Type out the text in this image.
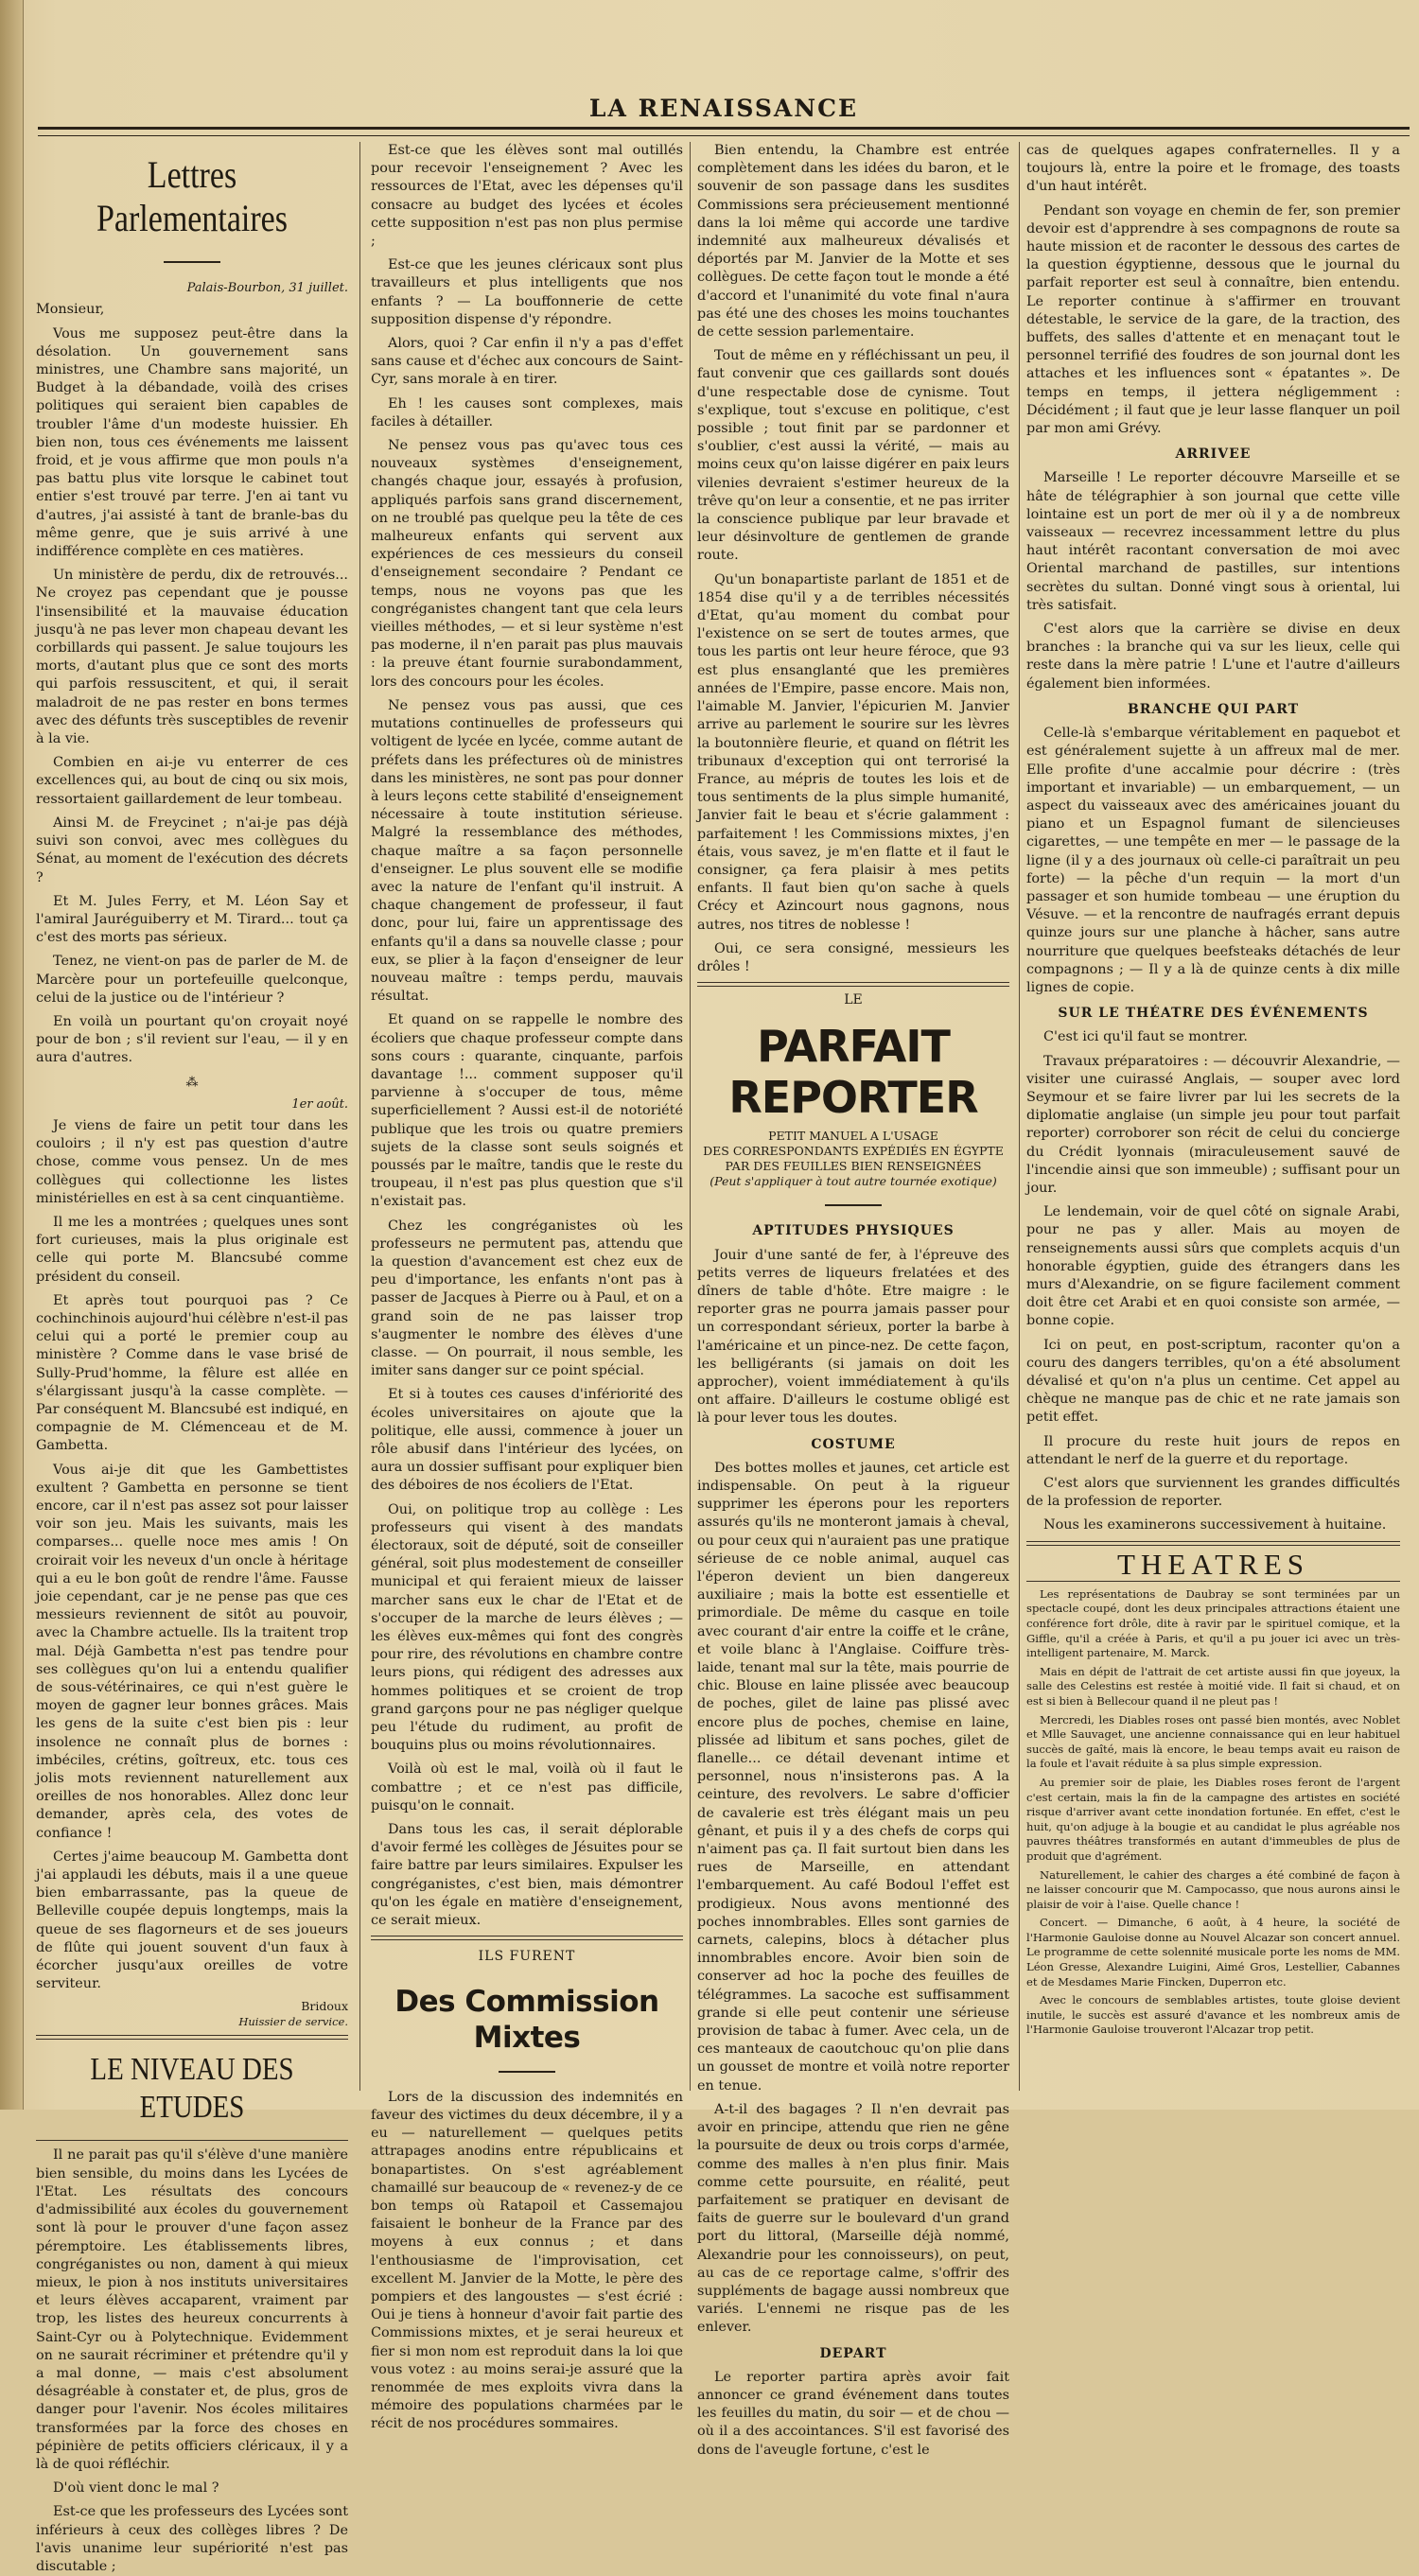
LA RENAISSANCE
Lettres Parlementaires
Palais-Bourbon, 31 juillet.

Monsieur,

Vous me supposez peut-être dans la désolation. Un gouvernement sans ministres, une Chambre sans majorité, un Budget à la débandade, voilà des crises politiques qui seraient bien capables de troubler l'âme d'un modeste huissier. Eh bien non, tous ces événements me laissent froid, et je vous affirme que mon pouls n'a pas battu plus vite lorsque le cabinet tout entier s'est trouvé par terre. J'en ai tant vu d'autres, j'ai assisté à tant de branle-bas du même genre, que je suis arrivé à une indifférence complète en ces matières.

Un ministère de perdu, dix de retrouvés... Ne croyez pas cependant que je pousse l'insensibilité et la mauvaise éducation jusqu'à ne pas lever mon chapeau devant les corbillards qui passent. Je salue toujours les morts, d'autant plus que ce sont des morts qui parfois ressuscitent, et qui, il serait maladroit de ne pas rester en bons termes avec des défunts très susceptibles de revenir à la vie.

Combien en ai-je vu enterrer de ces excellences qui, au bout de cinq ou six mois, ressortaient gaillardement de leur tombeau.

Ainsi M. de Freycinet ; n'ai-je pas déjà suivi son convoi, avec mes collègues du Sénat, au moment de l'exécution des décrets ?

Et M. Jules Ferry, et M. Léon Say et l'amiral Jauréguiberry et M. Tirard... tout ça c'est des morts pas sérieux.

Tenez, ne vient-on pas de parler de M. de Marcère pour un portefeuille quelconque, celui de la justice ou de l'intérieur ?

En voilà un pourtant qu'on croyait noyé pour de bon ; s'il revient sur l'eau, — il y en aura d'autres.

⁂
1er août.

Je viens de faire un petit tour dans les couloirs ; il n'y est pas question d'autre chose, comme vous pensez. Un de mes collègues qui collectionne les listes ministérielles en est à sa cent cinquantième.

Il me les a montrées ; quelques unes sont fort curieuses, mais la plus originale est celle qui porte M. Blancsubé comme président du conseil.

Et après tout pourquoi pas ? Ce cochinchinois aujourd'hui célèbre n'est-il pas celui qui a porté le premier coup au ministère ? Comme dans le vase brisé de Sully-Prud'homme, la fêlure est allée en s'élargissant jusqu'à la casse complète. — Par conséquent M. Blancsubé est indiqué, en compagnie de M. Clémenceau et de M. Gambetta.

Vous ai-je dit que les Gambettistes exultent ? Gambetta en personne se tient encore, car il n'est pas assez sot pour laisser voir son jeu. Mais les suivants, mais les comparses... quelle noce mes amis ! On croirait voir les neveux d'un oncle à héritage qui a eu le bon goût de rendre l'âme. Fausse joie cependant, car je ne pense pas que ces messieurs reviennent de sitôt au pouvoir, avec la Chambre actuelle. Ils la traitent trop mal. Déjà Gambetta n'est pas tendre pour ses collègues qu'on lui a entendu qualifier de sous-vétérinaires, ce qui n'est guère le moyen de gagner leur bonnes grâces. Mais les gens de la suite c'est bien pis : leur insolence ne connaît plus de bornes : imbéciles, crétins, goîtreux, etc. tous ces jolis mots reviennent naturellement aux oreilles de nos honorables. Allez donc leur demander, après cela, des votes de confiance !

Certes j'aime beaucoup M. Gambetta dont j'ai applaudi les débuts, mais il a une queue bien embarrassante, pas la queue de Belleville coupée depuis longtemps, mais la queue de ses flagorneurs et de ses joueurs de flûte qui jouent souvent d'un faux à écorcher jusqu'aux oreilles de votre serviteur.

Bridoux
Huissier de service.
LE NIVEAU DES ETUDES

Il ne parait pas qu'il s'élève d'une manière bien sensible, du moins dans les Lycées de l'Etat. Les résultats des concours d'admissibilité aux écoles du gouvernement sont là pour le prouver d'une façon assez péremptoire. Les établissements libres, congréganistes ou non, dament à qui mieux mieux, le pion à nos instituts universitaires et leurs élèves accaparent, vraiment par trop, les listes des heureux concurrents à Saint-Cyr ou à Polytechnique. Evidemment on ne saurait récriminer et prétendre qu'il y a mal donne, — mais c'est absolument désagréable à constater et, de plus, gros de danger pour l'avenir. Nos écoles militaires transformées par la force des choses en pépinière de petits officiers cléricaux, il y a là de quoi réfléchir.

D'où vient donc le mal ?

Est-ce que les professeurs des Lycées sont inférieurs à ceux des collèges libres ? De l'avis unanime leur supériorité n'est pas discutable ;

Est-ce que les élèves sont mal outillés pour recevoir l'enseignement ? Avec les ressources de l'Etat, avec les dépenses qu'il consacre au budget des lycées et écoles cette supposition n'est pas non plus permise ;

Est-ce que les jeunes cléricaux sont plus travailleurs et plus intelligents que nos enfants ? — La bouffonnerie de cette supposition dispense d'y répondre.

Alors, quoi ? Car enfin il n'y a pas d'effet sans cause et d'échec aux concours de Saint-Cyr, sans morale à en tirer.

Eh ! les causes sont complexes, mais faciles à détailler.

Ne pensez vous pas qu'avec tous ces nouveaux systèmes d'enseignement, changés chaque jour, essayés à profusion, appliqués parfois sans grand discernement, on ne troublé pas quelque peu la tête de ces malheureux enfants qui servent aux expériences de ces messieurs du conseil d'enseignement secondaire ? Pendant ce temps, nous ne voyons pas que les congréganistes changent tant que cela leurs vieilles méthodes, — et si leur système n'est pas moderne, il n'en parait pas plus mauvais : la preuve étant fournie surabondamment, lors des concours pour les écoles.

Ne pensez vous pas aussi, que ces mutations continuelles de professeurs qui voltigent de lycée en lycée, comme autant de préfets dans les préfectures où de ministres dans les ministères, ne sont pas pour donner à leurs leçons cette stabilité d'enseignement nécessaire à toute institution sérieuse. Malgré la ressemblance des méthodes, chaque maître a sa façon personnelle d'enseigner. Le plus souvent elle se modifie avec la nature de l'enfant qu'il instruit. A chaque changement de professeur, il faut donc, pour lui, faire un apprentissage des enfants qu'il a dans sa nouvelle classe ; pour eux, se plier à la façon d'enseigner de leur nouveau maître : temps perdu, mauvais résultat.

Et quand on se rappelle le nombre des écoliers que chaque professeur compte dans sons cours : quarante, cinquante, parfois davantage !... comment supposer qu'il parvienne à s'occuper de tous, même superficiellement ? Aussi est-il de notoriété publique que les trois ou quatre premiers sujets de la classe sont seuls soignés et poussés par le maître, tandis que le reste du troupeau, il n'est pas plus question que s'il n'existait pas.

Chez les congréganistes où les professeurs ne permutent pas, attendu que la question d'avancement est chez eux de peu d'importance, les enfants n'ont pas à passer de Jacques à Pierre ou à Paul, et on a grand soin de ne pas laisser trop s'augmenter le nombre des élèves d'une classe. — On pourrait, il nous semble, les imiter sans danger sur ce point spécial.

Et si à toutes ces causes d'infériorité des écoles universitaires on ajoute que la politique, elle aussi, commence à jouer un rôle abusif dans l'intérieur des lycées, on aura un dossier suffisant pour expliquer bien des déboires de nos écoliers de l'Etat.

Oui, on politique trop au collège : Les professeurs qui visent à des mandats électoraux, soit de député, soit de conseiller général, soit plus modestement de conseiller municipal et qui feraient mieux de laisser marcher sans eux le char de l'Etat et de s'occuper de la marche de leurs élèves ; — les élèves eux-mêmes qui font des congrès pour rire, des révolutions en chambre contre leurs pions, qui rédigent des adresses aux hommes politiques et se croient de trop grand garçons pour ne pas négliger quelque peu l'étude du rudiment, au profit de bouquins plus ou moins révolutionnaires.

Voilà où est le mal, voilà où il faut le combattre ; et ce n'est pas difficile, puisqu'on le connait.

Dans tous les cas, il serait déplorable d'avoir fermé les collèges de Jésuites pour se faire battre par leurs similaires. Expulser les congréganistes, c'est bien, mais démontrer qu'on les égale en matière d'enseignement, ce serait mieux.

ILS FURENT
Des Commission Mixtes

Lors de la discussion des indemnités en faveur des victimes du deux décembre, il y a eu — naturellement — quelques petits attrapages anodins entre républicains et bonapartistes. On s'est agréablement chamaillé sur beaucoup de « revenez-y de ce bon temps où Ratapoil et Cassemajou faisaient le bonheur de la France par des moyens à eux connus ; et dans l'enthousiasme de l'improvisation, cet excellent M. Janvier de la Motte, le père des pompiers et des langoustes — s'est écrié : Oui je tiens à honneur d'avoir fait partie des Commissions mixtes, et je serai heureux et fier si mon nom est reproduit dans la loi que vous votez : au moins serai-je assuré que la renommée de mes exploits vivra dans la mémoire des populations charmées par le récit de nos procédures sommaires.

Bien entendu, la Chambre est entrée complètement dans les idées du baron, et le souvenir de son passage dans les susdites Commissions sera précieusement mentionné dans la loi même qui accorde une tardive indemnité aux malheureux dévalisés et déportés par M. Janvier de la Motte et ses collègues. De cette façon tout le monde a été d'accord et l'unanimité du vote final n'aura pas été une des choses les moins touchantes de cette session parlementaire.

Tout de même en y réfléchissant un peu, il faut convenir que ces gaillards sont doués d'une respectable dose de cynisme. Tout s'explique, tout s'excuse en politique, c'est possible ; tout finit par se pardonner et s'oublier, c'est aussi la vérité, — mais au moins ceux qu'on laisse digérer en paix leurs vilenies devraient s'estimer heureux de la trêve qu'on leur a consentie, et ne pas irriter la conscience publique par leur bravade et leur désinvolture de gentlemen de grande route.

Qu'un bonapartiste parlant de 1851 et de 1854 dise qu'il y a de terribles nécessités d'Etat, qu'au moment du combat pour l'existence on se sert de toutes armes, que tous les partis ont leur heure féroce, que 93 est plus ensanglanté que les premières années de l'Empire, passe encore. Mais non, l'aimable M. Janvier, l'épicurien M. Janvier arrive au parlement le sourire sur les lèvres la boutonnière fleurie, et quand on flétrit les tribunaux d'exception qui ont terrorisé la France, au mépris de toutes les lois et de tous sentiments de la plus simple humanité, Janvier fait le beau et s'écrie galamment : parfaitement ! les Commissions mixtes, j'en étais, vous savez, je m'en flatte et il faut le consigner, ça fera plaisir à mes petits enfants. Il faut bien qu'on sache à quels Crécy et Azincourt nous gagnons, nous autres, nos titres de noblesse !

Oui, ce sera consigné, messieurs les drôles !

LE
PARFAIT REPORTER
PETIT MANUEL A L'USAGE
DES CORRESPONDANTS EXPÉDIÉS EN ÉGYPTE
PAR DES FEUILLES BIEN RENSEIGNÉES
(Peut s'appliquer à tout autre tournée exotique)
APTITUDES PHYSIQUES

Jouir d'une santé de fer, à l'épreuve des petits verres de liqueurs frelatées et des dîners de table d'hôte. Etre maigre : le reporter gras ne pourra jamais passer pour un correspondant sérieux, porter la barbe à l'américaine et un pince-nez. De cette façon, les belligérants (si jamais on doit les approcher), voient immédiatement à qu'ils ont affaire. D'ailleurs le costume obligé est là pour lever tous les doutes.

COSTUME

Des bottes molles et jaunes, cet article est indispensable. On peut à la rigueur supprimer les éperons pour les reporters assurés qu'ils ne monteront jamais à cheval, ou pour ceux qui n'auraient pas une pratique sérieuse de ce noble animal, auquel cas l'éperon devient un bien dangereux auxiliaire ; mais la botte est essentielle et primordiale. De même du casque en toile avec courant d'air entre la coiffe et le crâne, et voile blanc à l'Anglaise. Coiffure très-laide, tenant mal sur la tête, mais pourrie de chic. Blouse en laine plissée avec beaucoup de poches, gilet de laine pas plissé avec encore plus de poches, chemise en laine, plissée ad libitum et sans poches, gilet de flanelle... ce détail devenant intime et personnel, nous n'insisterons pas. A la ceinture, des revolvers. Le sabre d'officier de cavalerie est très élégant mais un peu gênant, et puis il y a des chefs de corps qui n'aiment pas ça. Il fait surtout bien dans les rues de Marseille, en attendant l'embarquement. Au café Bodoul l'effet est prodigieux. Nous avons mentionné des poches innombrables. Elles sont garnies de carnets, calepins, blocs à détacher plus innombrables encore. Avoir bien soin de conserver ad hoc la poche des feuilles de télégrammes. La sacoche est suffisamment grande si elle peut contenir une sérieuse provision de tabac à fumer. Avec cela, un de ces manteaux de caoutchouc qu'on plie dans un gousset de montre et voilà notre reporter en tenue.

A-t-il des bagages ? Il n'en devrait pas avoir en principe, attendu que rien ne gêne la poursuite de deux ou trois corps d'armée, comme des malles à n'en plus finir. Mais comme cette poursuite, en réalité, peut parfaitement se pratiquer en devisant de faits de guerre sur le boulevard d'un grand port du littoral, (Marseille déjà nommé, Alexandrie pour les connoisseurs), on peut, au cas de ce reportage calme, s'offrir des suppléments de bagage aussi nombreux que variés. L'ennemi ne risque pas de les enlever.

DEPART

Le reporter partira après avoir fait annoncer ce grand événement dans toutes les feuilles du matin, du soir — et de chou — où il a des accointances. S'il est favorisé des dons de l'aveugle fortune, c'est le

cas de quelques agapes confraternelles. Il y a toujours là, entre la poire et le fromage, des toasts d'un haut intérêt.

Pendant son voyage en chemin de fer, son premier devoir est d'apprendre à ses compagnons de route sa haute mission et de raconter le dessous des cartes de la question égyptienne, dessous que le journal du parfait reporter est seul à connaître, bien entendu. Le reporter continue à s'affirmer en trouvant détestable, le service de la gare, de la traction, des buffets, des salles d'attente et en menaçant tout le personnel terrifié des foudres de son journal dont les attaches et les influences sont « épatantes ». De temps en temps, il jettera négligemment : Décidément ; il faut que je leur lasse flanquer un poil par mon ami Grévy.

ARRIVEE

Marseille ! Le reporter découvre Marseille et se hâte de télégraphier à son journal que cette ville lointaine est un port de mer où il y a de nombreux vaisseaux — recevrez incessamment lettre du plus haut intérêt racontant conversation de moi avec Oriental marchand de pastilles, sur intentions secrètes du sultan. Donné vingt sous à oriental, lui très satisfait.

C'est alors que la carrière se divise en deux branches : la branche qui va sur les lieux, celle qui reste dans la mère patrie ! L'une et l'autre d'ailleurs également bien informées.

BRANCHE QUI PART

Celle-là s'embarque véritablement en paquebot et est généralement sujette à un affreux mal de mer. Elle profite d'une accalmie pour décrire : (très important et invariable) — un embarquement, — un aspect du vaisseaux avec des américaines jouant du piano et un Espagnol fumant de silencieuses cigarettes, — une tempête en mer — le passage de la ligne (il y a des journaux où celle-ci paraîtrait un peu forte) — la pêche d'un requin — la mort d'un passager et son humide tombeau — une éruption du Vésuve. — et la rencontre de naufragés errant depuis quinze jours sur une planche à hâcher, sans autre nourriture que quelques beefsteaks détachés de leur compagnons ; — Il y a là de quinze cents à dix mille lignes de copie.

SUR LE THÉATRE DES ÉVÉNEMENTS

C'est ici qu'il faut se montrer.

Travaux préparatoires : — découvrir Alexandrie, — visiter une cuirassé Anglais, — souper avec lord Seymour et se faire livrer par lui les secrets de la diplomatie anglaise (un simple jeu pour tout parfait reporter) corroborer son récit de celui du concierge du Crédit lyonnais (miraculeusement sauvé de l'incendie ainsi que son immeuble) ; suffisant pour un jour.

Le lendemain, voir de quel côté on signale Arabi, pour ne pas y aller. Mais au moyen de renseignements aussi sûrs que complets acquis d'un honorable égyptien, guide des étrangers dans les murs d'Alexandrie, on se figure facilement comment doit être cet Arabi et en quoi consiste son armée, — bonne copie.

Ici on peut, en post-scriptum, raconter qu'on a couru des dangers terribles, qu'on a été absolument dévalisé et qu'on n'a plus un centime. Cet appel au chèque ne manque pas de chic et ne rate jamais son petit effet.

Il procure du reste huit jours de repos en attendant le nerf de la guerre et du reportage.

C'est alors que surviennent les grandes difficultés de la profession de reporter.

Nous les examinerons successivement à huitaine.

THEATRES

Les représentations de Daubray se sont terminées par un spectacle coupé, dont les deux principales attractions étaient une conférence fort drôle, dite à ravir par le spirituel comique, et la Giffle, qu'il a créée à Paris, et qu'il a pu jouer ici avec un très-intelligent partenaire, M. Marck.

Mais en dépit de l'attrait de cet artiste aussi fin que joyeux, la salle des Celestins est restée à moitié vide. Il fait si chaud, et on est si bien à Bellecour quand il ne pleut pas !

Mercredi, les Diables roses ont passé bien montés, avec Noblet et Mlle Sauvaget, une ancienne connaissance qui en leur habituel succès de gaîté, mais là encore, le beau temps avait eu raison de la foule et l'avait réduite à sa plus simple expression.

Au premier soir de plaie, les Diables roses feront de l'argent c'est certain, mais la fin de la campagne des artistes en société risque d'arriver avant cette inondation fortunée. En effet, c'est le huit, qu'on adjuge à la bougie et au candidat le plus agréable nos pauvres théâtres transformés en autant d'immeubles de plus de produit que d'agrément.

Naturellement, le cahier des charges a été combiné de façon à ne laisser concourir que M. Campocasso, que nous aurons ainsi le plaisir de voir à l'aise. Quelle chance !

Concert. — Dimanche, 6 août, à 4 heure, la société de l'Harmonie Gauloise donne au Nouvel Alcazar son concert annuel. Le programme de cette solennité musicale porte les noms de MM. Léon Gresse, Alexandre Luigini, Aimé Gros, Lestellier, Cabannes et de Mesdames Marie Fincken, Duperron etc.

Avec le concours de semblables artistes, toute gloise devient inutile, le succès est assuré d'avance et les nombreux amis de l'Harmonie Gauloise trouveront l'Alcazar trop petit.
